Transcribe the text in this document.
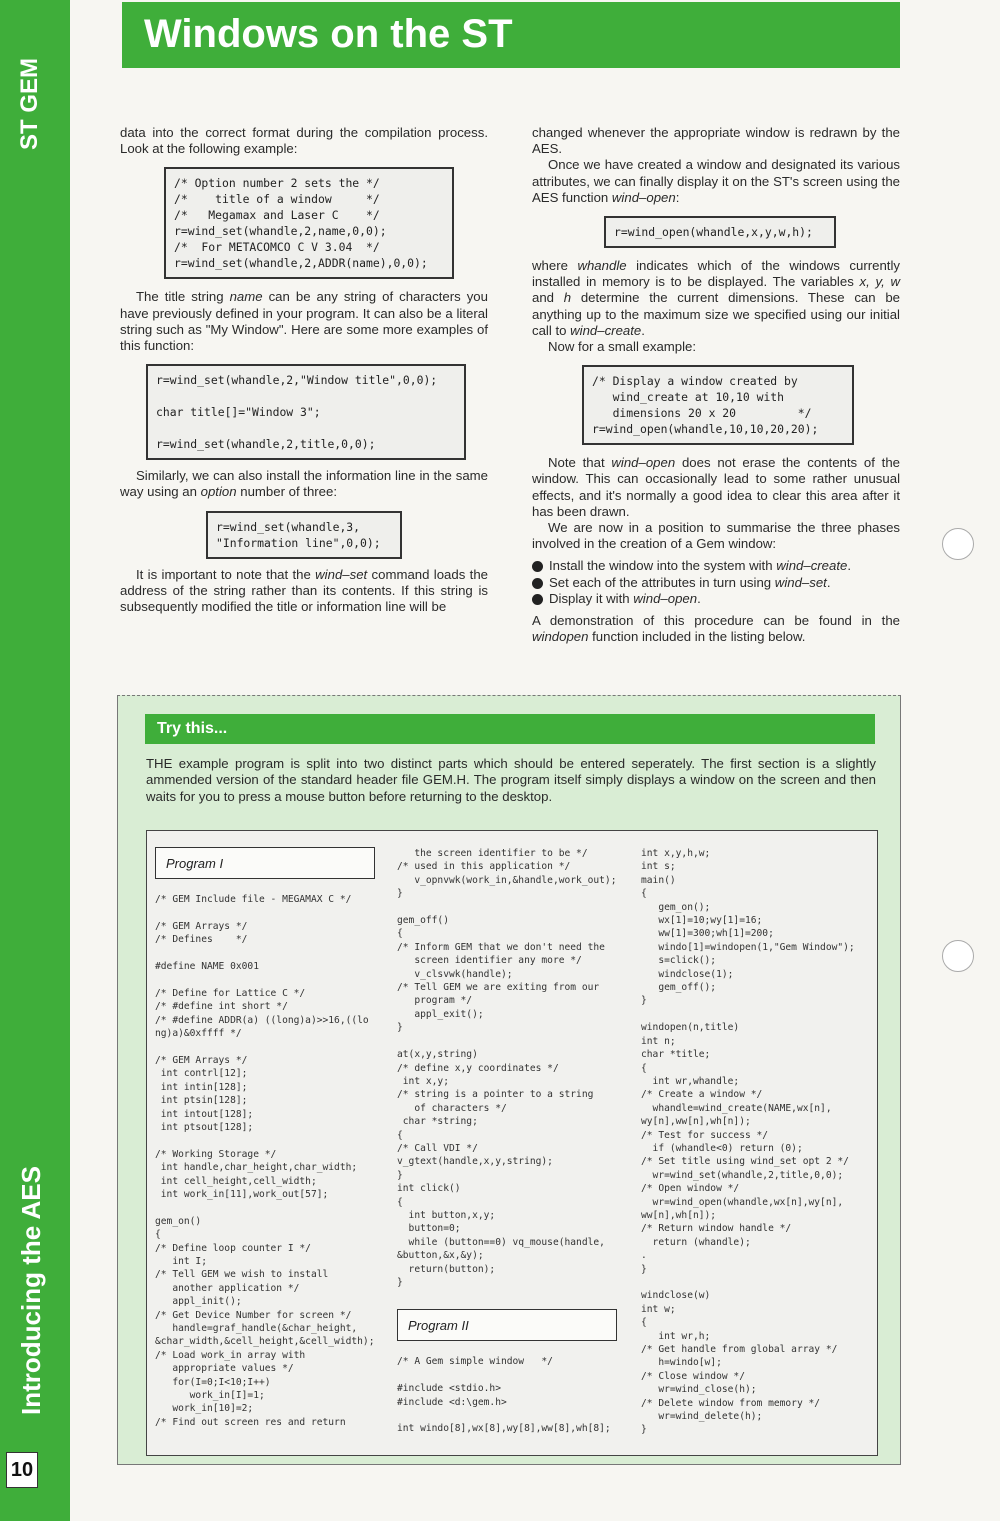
ST GEM
Introducing the AES
10
Windows on the ST

data into the correct format during the compilation process. Look at the following example:

/* Option number 2 sets the */
/*    title of a window     */
/*   Megamax and Laser C    */
r=wind_set(whandle,2,name,0,0);
/*  For METACOMCO C V 3.04  */
r=wind_set(whandle,2,ADDR(name),0,0);

The title string name can be any string of characters you have previously defined in your program. It can also be a literal string such as "My Window". Here are some more examples of this function:

r=wind_set(whandle,2,"Window title",0,0);

char title[]="Window 3";

r=wind_set(whandle,2,title,0,0);

Similarly, we can also install the information line in the same way using an option number of three:

r=wind_set(whandle,3,
"Information line",0,0);

It is important to note that the wind–set command loads the address of the string rather than its contents. If this string is subsequently modified the title or information line will be

changed whenever the appropriate window is redrawn by the AES.

Once we have created a window and designated its various attributes, we can finally display it on the ST's screen using the AES function wind–open:

r=wind_open(whandle,x,y,w,h);

where whandle indicates which of the windows currently installed in memory is to be displayed. The variables x, y, w and h determine the current dimensions. These can be anything up to the maximum size we specified using our initial call to wind–create.

Now for a small example:

/* Display a window created by
wind_create at 10,10 with
dimensions 20 x 20         */
r=wind_open(whandle,10,10,20,20);

Note that wind–open does not erase the contents of the window. This can occasionally lead to some rather unusual effects, and it's normally a good idea to clear this area after it has been drawn.

We are now in a position to summarise the three phases involved in the creation of a Gem window:

Install the window into the system with wind–create.
Set each of the attributes in turn using wind–set.
Display it with wind–open.

A demonstration of this procedure can be found in the windopen function included in the listing below.

Try this...
THE example program is split into two distinct parts which should be entered seperately. The first section is a slightly ammended version of the standard header file GEM.H. The program itself simply displays a window on the screen and then waits for you to press a mouse button before returning to the desktop.
Program I
/* GEM Include file - MEGAMAX C */

/* GEM Arrays */
/* Defines    */

#define NAME 0x001

/* Define for Lattice C */
/* #define int short */
/* #define ADDR(a) ((long)a)>>16,((lo
ng)a)&0xffff */

/* GEM Arrays */
int contrl[12];
int intin[128];
int ptsin[128];
int intout[128];
int ptsout[128];

/* Working Storage */
int handle,char_height,char_width;
int cell_height,cell_width;
int work_in[11],work_out[57];

gem_on()
{
/* Define loop counter I */
int I;
/* Tell GEM we wish to install
another application */
appl_init();
/* Get Device Number for screen */
handle=graf_handle(&char_height,
&char_width,&cell_height,&cell_width);
/* Load work_in array with
appropriate values */
for(I=0;I<10;I++)
work_in[I]=1;
work_in[10]=2;
/* Find out screen res and return
the screen identifier to be */
/* used in this application */
v_opnvwk(work_in,&handle,work_out);
}

gem_off()
{
/* Inform GEM that we don't need the
screen identifier any more */
v_clsvwk(handle);
/* Tell GEM we are exiting from our
program */
appl_exit();
}

at(x,y,string)
/* define x,y coordinates */
int x,y;
/* string is a pointer to a string
of characters */
char *string;
{
/* Call VDI */
v_gtext(handle,x,y,string);
}
int click()
{
int button,x,y;
button=0;
while (button==0) vq_mouse(handle,
&button,&x,&y);
return(button);
}
Program II
/* A Gem simple window   */

#include <stdio.h>
#include <d:\gem.h>

int windo[8],wx[8],wy[8],ww[8],wh[8];
int x,y,h,w;
int s;
main()
{
gem_on();
wx[1]=10;wy[1]=16;
ww[1]=300;wh[1]=200;
windo[1]=windopen(1,"Gem Window");
s=click();
windclose(1);
gem_off();
}

windopen(n,title)
int n;
char *title;
{
int wr,whandle;
/* Create a window */
whandle=wind_create(NAME,wx[n],
wy[n],ww[n],wh[n]);
/* Test for success */
if (whandle<0) return (0);
/* Set title using wind_set opt 2 */
wr=wind_set(whandle,2,title,0,0);
/* Open window */
wr=wind_open(whandle,wx[n],wy[n],
ww[n],wh[n]);
/* Return window handle */
return (whandle);
.
}

windclose(w)
int w;
{
int wr,h;
/* Get handle from global array */
h=windo[w];
/* Close window */
wr=wind_close(h);
/* Delete window from memory */
wr=wind_delete(h);
}
